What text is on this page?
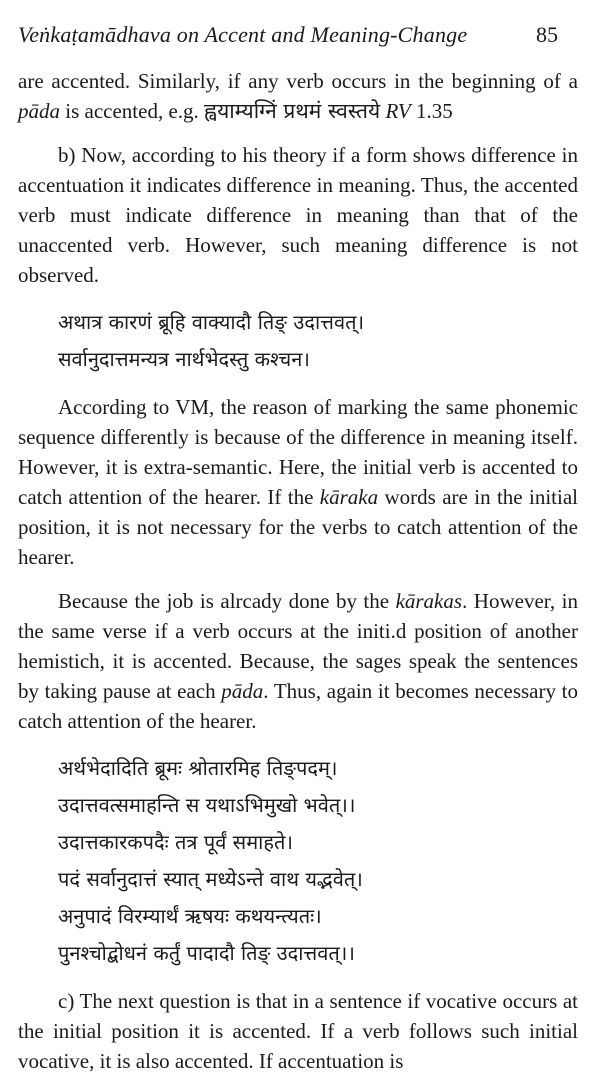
Veṅkaṭamādhava on Accent and Meaning-Change	85

are accented. Similarly, if any verb occurs in the beginning of a pāda is accented, e.g. ह्वयाम्यग्निं प्रथमं स्वस्तये RV 1.35

b) Now, according to his theory if a form shows difference in accentuation it indicates difference in meaning. Thus, the accented verb must indicate difference in meaning than that of the unaccented verb. However, such meaning difference is not observed.

अथात्र कारणं ब्रूहि वाक्यादौ तिङ् उदात्तवत्।
सर्वानुदात्तमन्यत्र नार्थभेदस्तु कश्चन।

According to VM, the reason of marking the same phonemic sequence differently is because of the difference in meaning itself. However, it is extra-semantic. Here, the initial verb is accented to catch attention of the hearer. If the kāraka words are in the initial position, it is not necessary for the verbs to catch attention of the hearer.

Because the job is alrcady done by the kārakas. However, in the same verse if a verb occurs at the initi.d position of another hemistich, it is accented. Because, the sages speak the sentences by taking pause at each pāda. Thus, again it becomes necessary to catch attention of the hearer.

अर्थभेदादिति ब्रूमः श्रोतारमिह तिङ्पदम्।
उदात्तवत्समाहन्ति स यथाऽभिमुखो भवेत्।।
उदात्तकारकपदैः तत्र पूर्वं समाहते।
पदं सर्वानुदात्तं स्यात् मध्येऽन्ते वाथ यद्भवेत्।
अनुपादं विरम्यार्थं ऋषयः कथयन्त्यतः।
पुनश्चोद्बोधनं कर्तुं पादादौ तिङ् उदात्तवत्।।

c) The next question is that in a sentence if vocative occurs at the initial position it is accented. If a verb follows such initial vocative, it is also accented. If accentuation is
